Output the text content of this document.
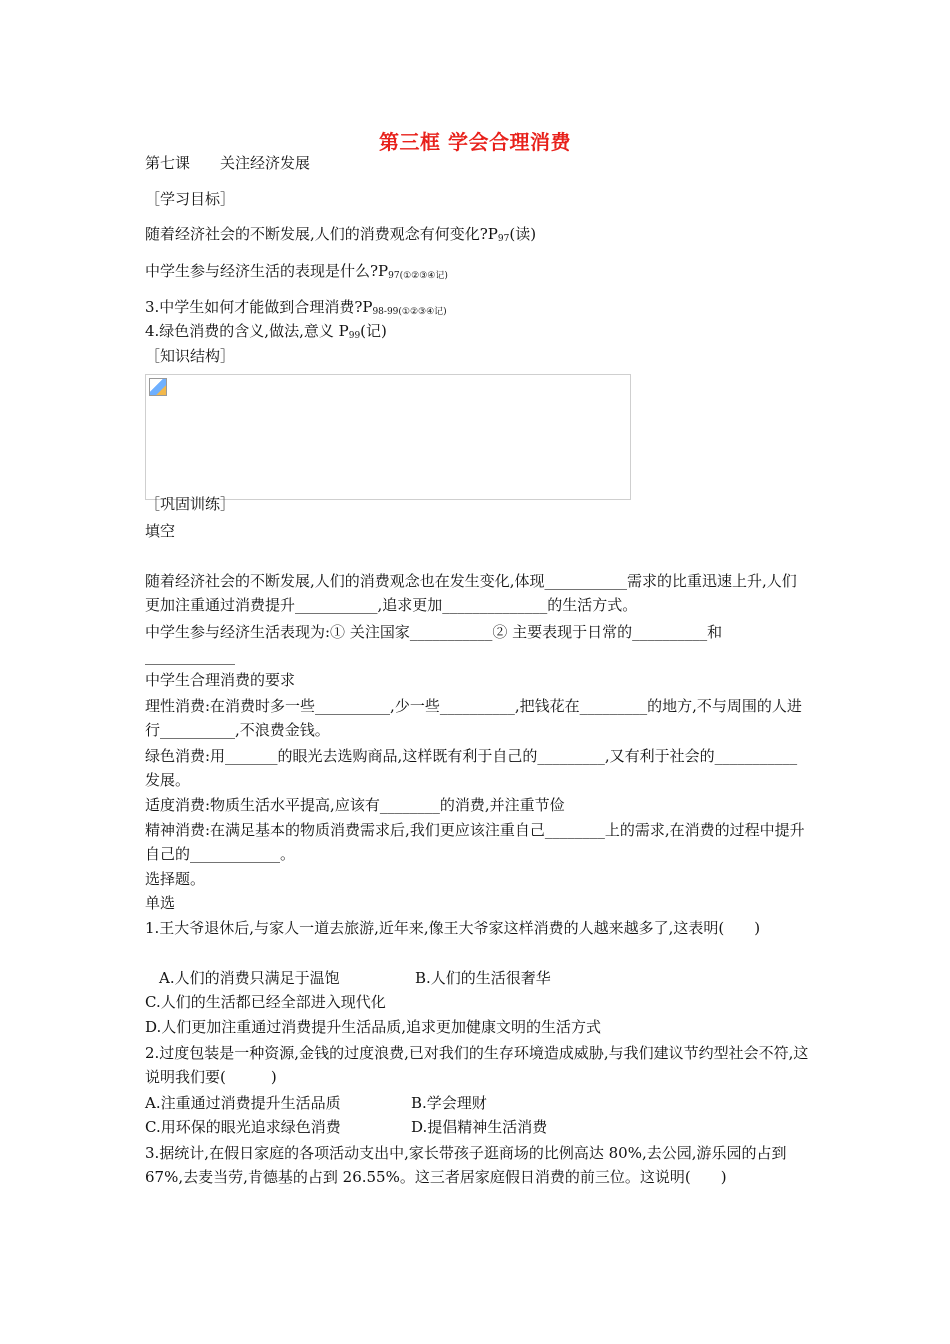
第三框 学会合理消费
第七课　　关注经济发展
［学习目标］
随着经济社会的不断发展,人们的消费观念有何变化$?P_{97}$(读)
中学生参与经济生活的表现是什么$?P_{97(①②③④记)}$
3.中学生如何才能做到合理消费$?P_{98-99(①②③④记)}$
4.绿色消费的含义,做法,意义 $P_{99}$(记)
［知识结构］
［巩固训练］
填空
随着经济社会的不断发展,人们的消费观念也在发生变化,体现___________需求的比重迅速上升,人们更加注重通过消费提升___________,追求更加______________的生活方式。
中学生参与经济生活表现为:① 关注国家___________② 主要表现于日常的__________和____________
中学生合理消费的要求
理性消费:在消费时多一些__________,少一些__________,把钱花在_________的地方,不与周围的人进行__________,不浪费金钱。
绿色消费:用_______的眼光去选购商品,这样既有利于自己的_________,又有利于社会的___________发展。
适度消费:物质生活水平提高,应该有________的消费,并注重节俭
精神消费:在满足基本的物质消费需求后,我们更应该注重自己________上的需求,在消费的过程中提升自己的____________。
选择题。
单选
1.王大爷退休后,与家人一道去旅游,近年来,像王大爷家这样消费的人越来越多了,这表明(　　)
A.人们的消费只满足于温饱	B.人们的生活很奢华
C.人们的生活都已经全部进入现代化
D.人们更加注重通过消费提升生活品质,追求更加健康文明的生活方式
2.过度包装是一种资源,金钱的过度浪费,已对我们的生存环境造成威胁,与我们建议节约型社会不符,这说明我们要(　　　)
A.注重通过消费提升生活品质	B.学会理财
C.用环保的眼光追求绿色消费	D.提倡精神生活消费
3.据统计,在假日家庭的各项活动支出中,家长带孩子逛商场的比例高达 80%,去公园,游乐园的占到 67%,去麦当劳,肯德基的占到 26.55%。这三者居家庭假日消费的前三位。这说明(　　)
